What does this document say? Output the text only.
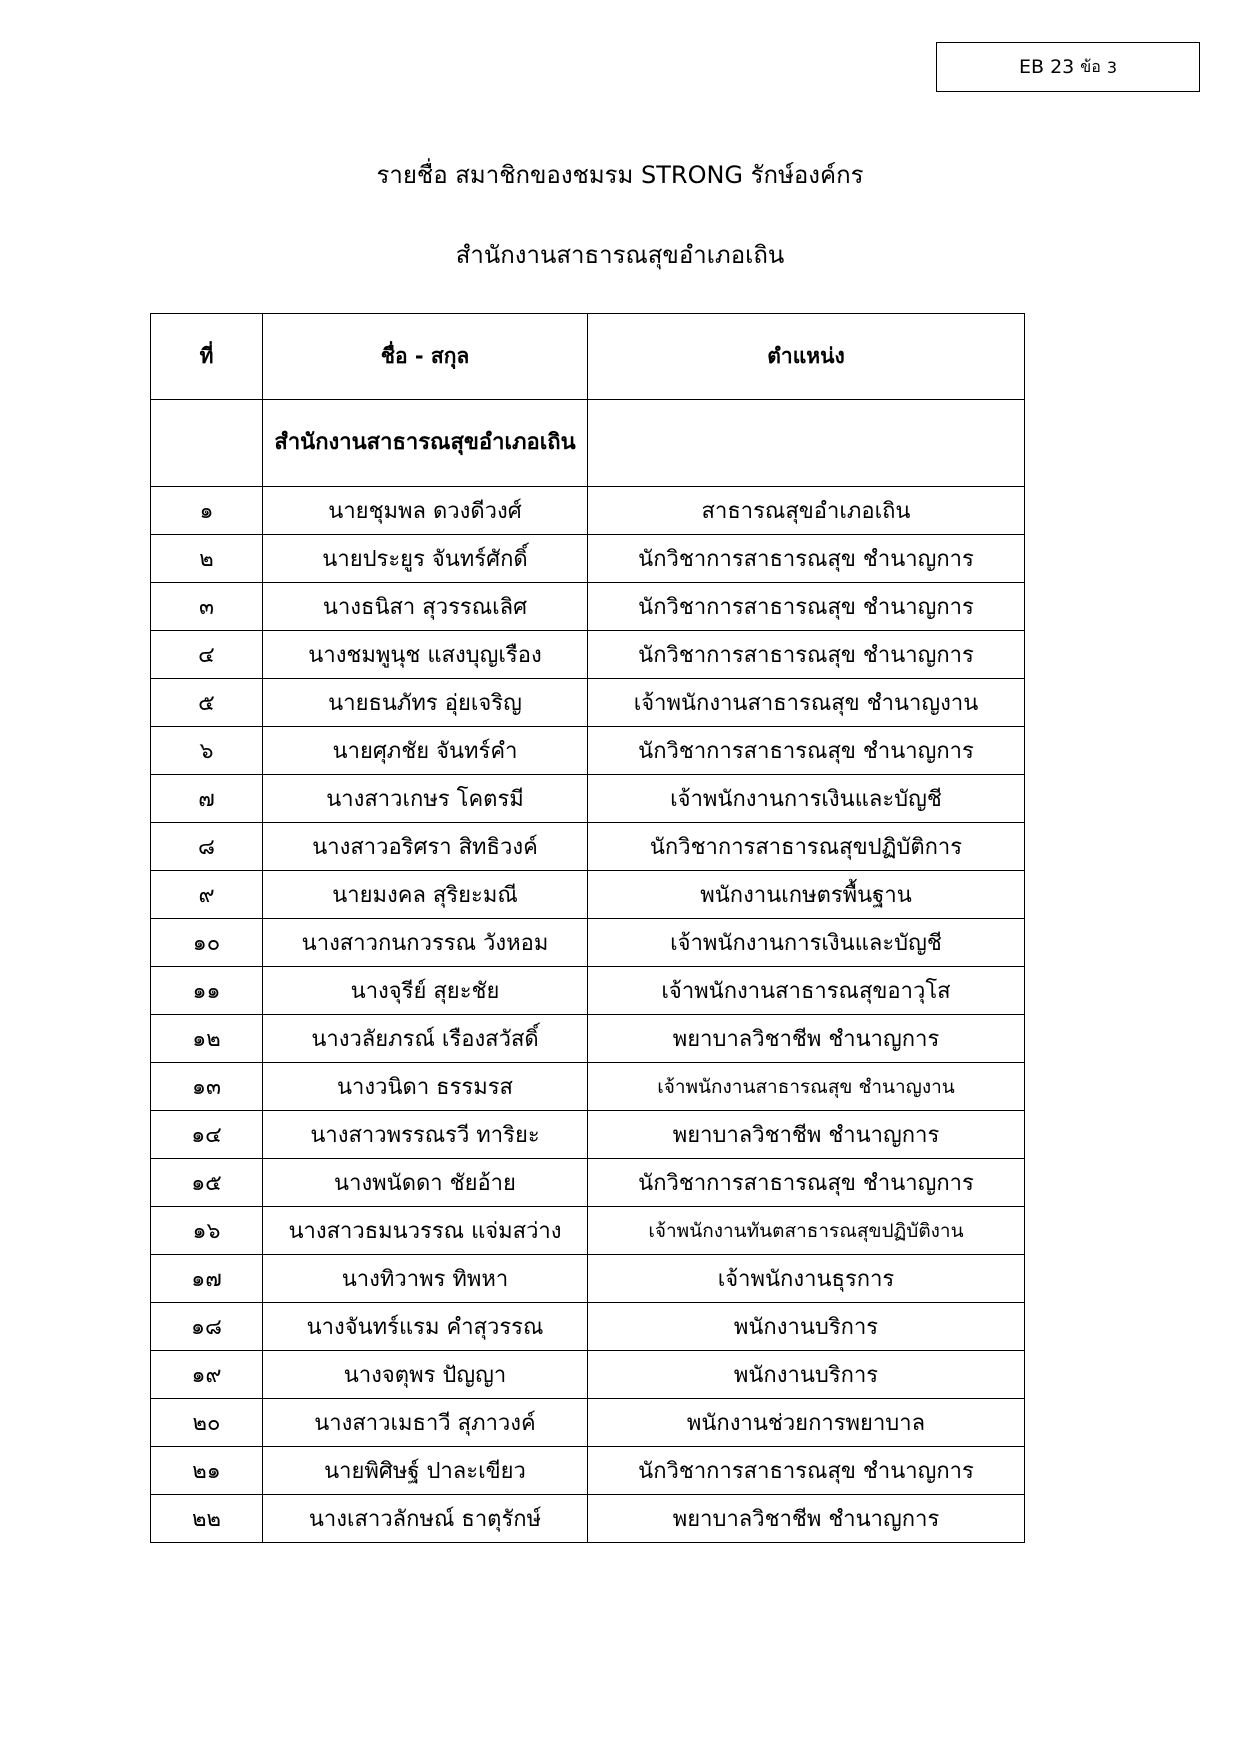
EB 23 ข้อ 3
รายชื่อ สมาชิกของชมรม STRONG รักษ์องค์กร
สำนักงานสาธารณสุขอำเภอเถิน
ที่	ชื่อ - สกุล	ตำแหน่ง
	สำนักงานสาธารณสุขอำเภอเถิน	
๑	นายชุมพล ดวงดีวงศ์	สาธารณสุขอำเภอเถิน
๒	นายประยูร จันทร์ศักดิ์	นักวิชาการสาธารณสุข ชำนาญการ
๓	นางธนิสา สุวรรณเลิศ	นักวิชาการสาธารณสุข ชำนาญการ
๔	นางชมพูนุช แสงบุญเรือง	นักวิชาการสาธารณสุข ชำนาญการ
๕	นายธนภัทร อุ่ยเจริญ	เจ้าพนักงานสาธารณสุข ชำนาญงาน
๖	นายศุภชัย จันทร์คำ	นักวิชาการสาธารณสุข ชำนาญการ
๗	นางสาวเกษร โคตรมี	เจ้าพนักงานการเงินและบัญชี
๘	นางสาวอริศรา สิทธิวงค์	นักวิชาการสาธารณสุขปฏิบัติการ
๙	นายมงคล สุริยะมณี	พนักงานเกษตรพื้นฐาน
๑๐	นางสาวกนกวรรณ วังหอม	เจ้าพนักงานการเงินและบัญชี
๑๑	นางจุรีย์ สุยะชัย	เจ้าพนักงานสาธารณสุขอาวุโส
๑๒	นางวลัยภรณ์ เรืองสวัสดิ์	พยาบาลวิชาชีพ ชำนาญการ
๑๓	นางวนิดา ธรรมรส	เจ้าพนักงานสาธารณสุข ชำนาญงาน
๑๔	นางสาวพรรณรวี ทาริยะ	พยาบาลวิชาชีพ ชำนาญการ
๑๕	นางพนัดดา ชัยอ้าย	นักวิชาการสาธารณสุข ชำนาญการ
๑๖	นางสาวธมนวรรณ แจ่มสว่าง	เจ้าพนักงานทันตสาธารณสุขปฏิบัติงาน
๑๗	นางทิวาพร ทิพหา	เจ้าพนักงานธุรการ
๑๘	นางจันทร์แรม คำสุวรรณ	พนักงานบริการ
๑๙	นางจตุพร ปัญญา	พนักงานบริการ
๒๐	นางสาวเมธาวี สุภาวงค์	พนักงานช่วยการพยาบาล
๒๑	นายพิศิษฐ์ ปาละเขียว	นักวิชาการสาธารณสุข ชำนาญการ
๒๒	นางเสาวลักษณ์ ธาตุรักษ์	พยาบาลวิชาชีพ ชำนาญการ
